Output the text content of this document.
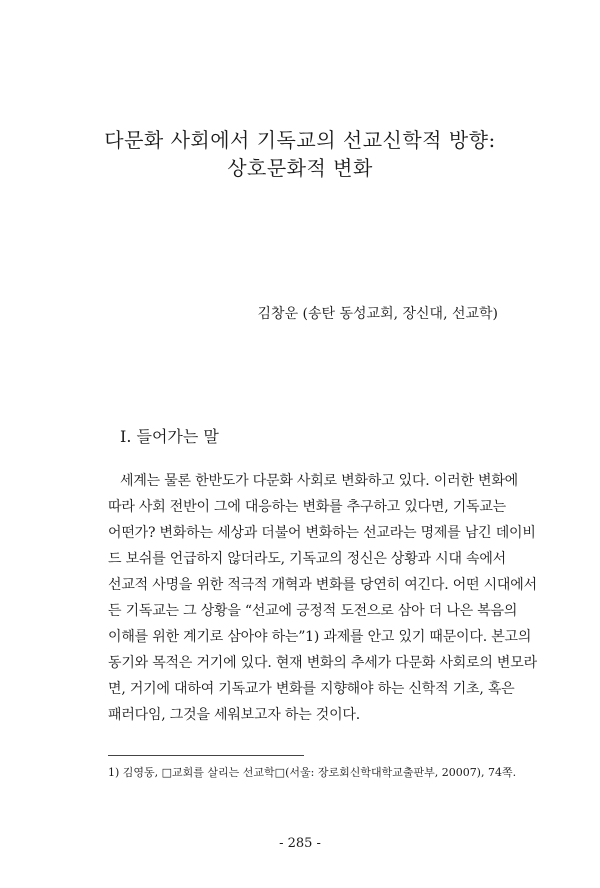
다문화 사회에서 기독교의 선교신학적 방향:
상호문화적 변화
김창운 (송탄 동성교회, 장신대, 선교학)
I. 들어가는 말
세계는 물론 한반도가 다문화 사회로 변화하고 있다. 이러한 변화에
따라 사회 전반이 그에 대응하는 변화를 추구하고 있다면, 기독교는
어떤가? 변화하는 세상과 더불어 변화하는 선교라는 명제를 남긴 데이비
드 보쉬를 언급하지 않더라도, 기독교의 정신은 상황과 시대 속에서
선교적 사명을 위한 적극적 개혁과 변화를 당연히 여긴다. 어떤 시대에서
든 기독교는 그 상황을 “선교에 긍정적 도전으로 삼아 더 나은 복음의
이해를 위한 계기로 삼아야 하는”1) 과제를 안고 있기 때문이다. 본고의
동기와 목적은 거기에 있다. 현재 변화의 추세가 다문화 사회로의 변모라
면, 거기에 대하여 기독교가 변화를 지향해야 하는 신학적 기초, 혹은
패러다임, 그것을 세워보고자 하는 것이다.
1) 김영동, □교회를 살리는 선교학□(서울: 장로회신학대학교출판부, 20007), 74쪽.
- 285 -
